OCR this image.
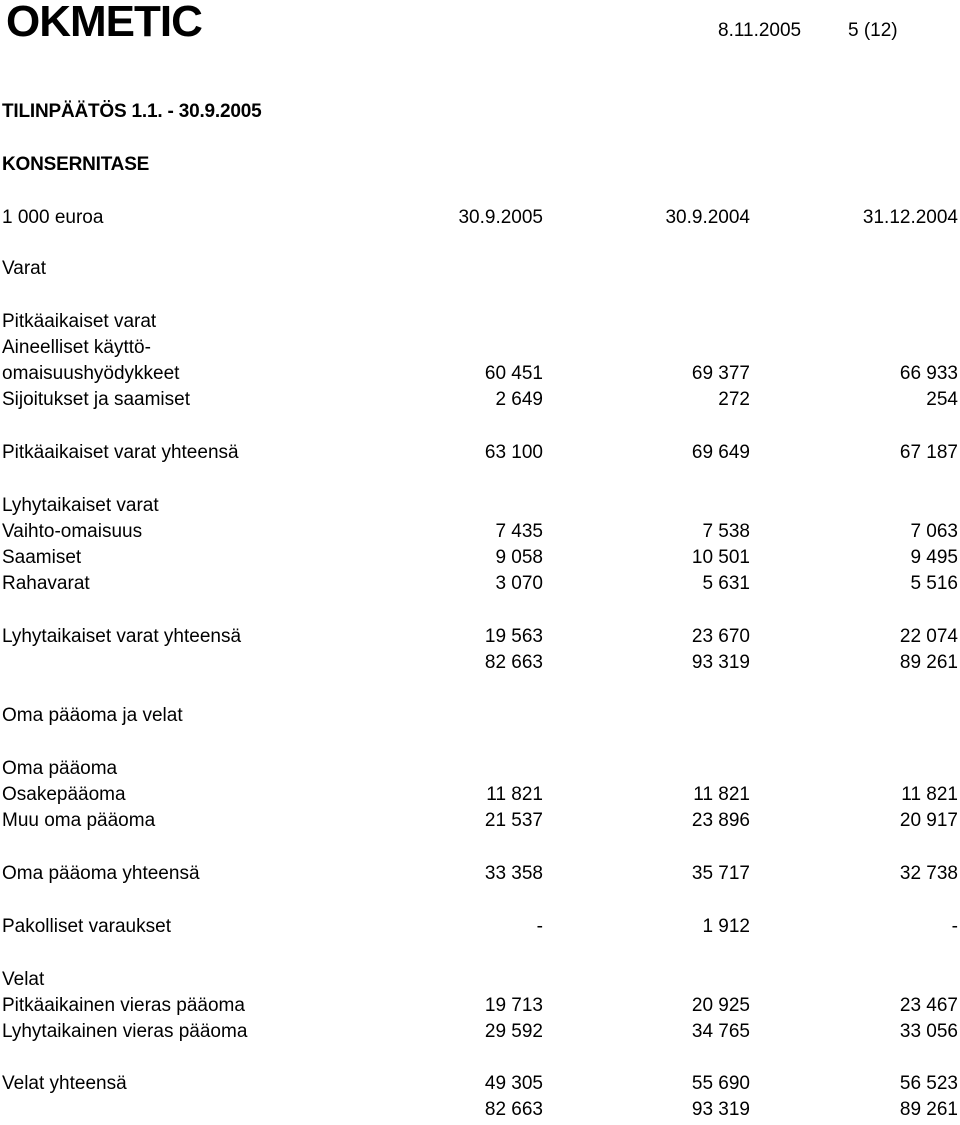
OKMETIC	8.11.2005 5 (12)
TILINPÄÄTÖS 1.1. - 30.9.2005
KONSERNITASE
1 000 euroa	30.9.2005	30.9.2004	31.12.2004
Varat
Pitkäaikaiset varat
Aineelliset käyttö-
omaisuushyödykkeet	60 451	69 377	66 933
Sijoitukset ja saamiset	2 649	272	254
Pitkäaikaiset varat yhteensä	63 100	69 649	67 187
Lyhytaikaiset varat
Vaihto-omaisuus	7 435	7 538	7 063
Saamiset	9 058	10 501	9 495
Rahavarat	3 070	5 631	5 516
Lyhytaikaiset varat yhteensä	19 563	23 670	22 074
82 663	93 319	89 261
Oma pääoma ja velat
Oma pääoma
Osakepääoma	11 821	11 821	11 821
Muu oma pääoma	21 537	23 896	20 917
Oma pääoma yhteensä	33 358	35 717	32 738
Pakolliset varaukset	-	1 912	-
Velat
Pitkäaikainen vieras pääoma	19 713	20 925	23 467
Lyhytaikainen vieras pääoma	29 592	34 765	33 056
Velat yhteensä	49 305	55 690	56 523
82 663	93 319	89 261
